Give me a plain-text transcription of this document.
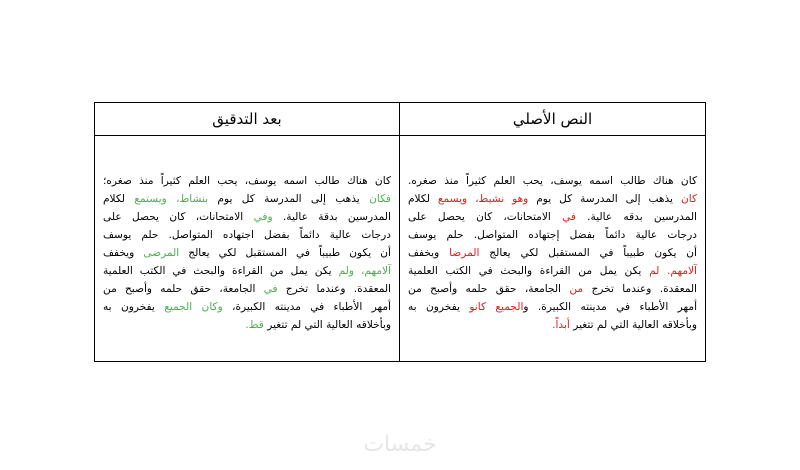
بعد التدقيق
كان هناك طالب اسمه يوسف، يحب العلم كثيراً منذ صغره؛
فكان يذهب إلى المدرسة كل يوم بنشاط، ويستمع لكلام
المدرسين بدقة عالية. وفي الامتحانات، كان يحصل على
درجات عالية دائماً بفضل اجتهاده المتواصل. حلم يوسف
أن يكون طبيباً في المستقبل لكي يعالج المرضى ويخفف
آلامهم، ولم يكن يمل من القراءة والبحث في الكتب العلمية
المعقدة. وعندما تخرج في الجامعة، حقق حلمه وأصبح من
أمهر الأطباء في مدينته الكبيرة، وكان الجميع يفخرون به
وبأخلاقه العالية التي لم تتغير قط.
النص الأصلي
كان هناك طالب اسمه يوسف، يحب العلم كثيراً منذ صغره.
كان يذهب إلى المدرسة كل يوم وهو نشيط، ويسمع لكلام
المدرسين بدقه عالية. في الامتحانات، كان يحصل على
درجات عالية دائماً بفضل إجتهاده المتواصل. حلم يوسف
أن يكون طبيباً في المستقبل لكي يعالج المرضا ويخفف
آلامهم. لم يكن يمل من القراءة والبحث في الكتب العلمية
المعقدة. وعندما تخرج من الجامعة، حقق حلمه وأصبح من
أمهر الأطباء في مدينته الكبيرة. والجميع كانو يفخرون به
وبأخلاقه العالية التي لم تتغير أبداً.
خمسات
